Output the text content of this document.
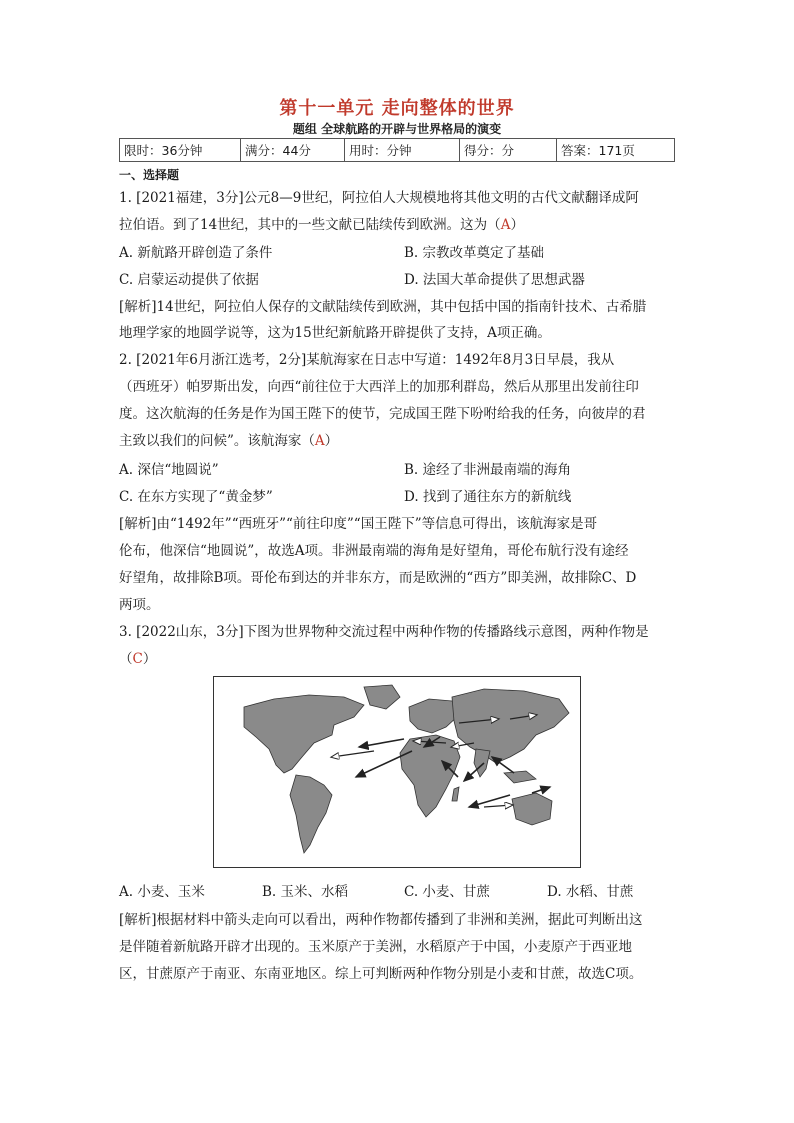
第十一单元 走向整体的世界
题组 全球航路的开辟与世界格局的演变
限时：36分钟	满分：44分	用时：分钟	得分：分	答案：171页
一、选择题
1. [2021福建，3分]公元8—9世纪，阿拉伯人大规模地将其他文明的古代文献翻译成阿
拉伯语。到了14世纪，其中的一些文献已陆续传到欧洲。这为（A）
A. 新航路开辟创造了条件	B. 宗教改革奠定了基础
C. 启蒙运动提供了依据	D. 法国大革命提供了思想武器
[解析]14世纪，阿拉伯人保存的文献陆续传到欧洲，其中包括中国的指南针技术、古希腊
地理学家的地圆学说等，这为15世纪新航路开辟提供了支持，A项正确。
2. [2021年6月浙江选考，2分]某航海家在日志中写道：1492年8月3日早晨，我从
（西班牙）帕罗斯出发，向西“前往位于大西洋上的加那利群岛，然后从那里出发前往印
度。这次航海的任务是作为国王陛下的使节，完成国王陛下吩咐给我的任务，向彼岸的君
主致以我们的问候”。该航海家（A）
A. 深信“地圆说”	B. 途经了非洲最南端的海角
C. 在东方实现了“黄金梦”	D. 找到了通往东方的新航线
[解析]由“1492年”“西班牙”“前往印度”“国王陛下”等信息可得出，该航海家是哥
伦布，他深信“地圆说”，故选A项。非洲最南端的海角是好望角，哥伦布航行没有途经
好望角，故排除B项。哥伦布到达的并非东方，而是欧洲的“西方”即美洲，故排除C、D
两项。
3. [2022山东，3分]下图为世界物种交流过程中两种作物的传播路线示意图，两种作物是
（C）
A. 小麦、玉米	B. 玉米、水稻	C. 小麦、甘蔗	D. 水稻、甘蔗
[解析]根据材料中箭头走向可以看出，两种作物都传播到了非洲和美洲，据此可判断出这
是伴随着新航路开辟才出现的。玉米原产于美洲，水稻原产于中国，小麦原产于西亚地
区，甘蔗原产于南亚、东南亚地区。综上可判断两种作物分别是小麦和甘蔗，故选C项。
